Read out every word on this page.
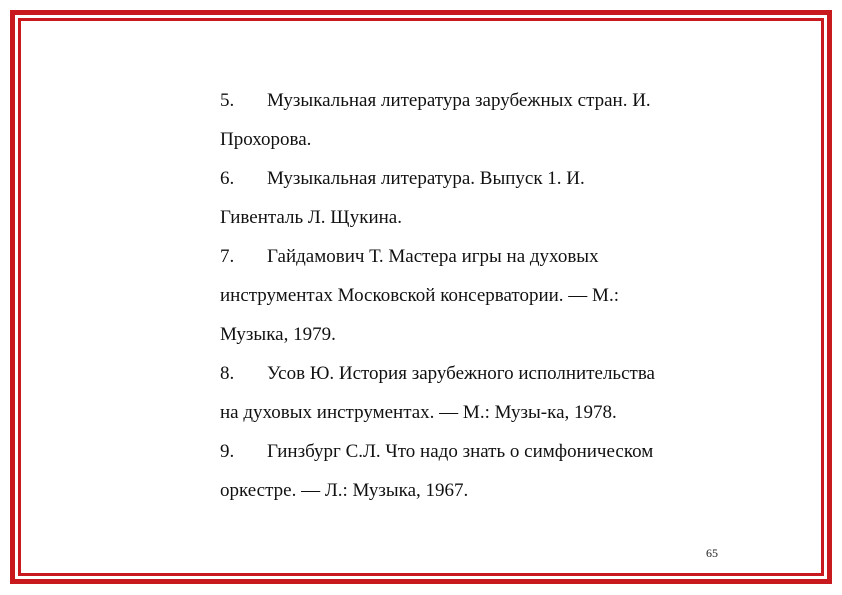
5. Музыкальная литература зарубежных стран. И.
Прохорова.

6. Музыкальная литература. Выпуск 1. И.
Гивенталь Л. Щукина.

7. Гайдамович Т. Мастера игры на духовых
инструментах Московской консерватории. — М.:
Музыка, 1979.

8. Усов Ю. История зарубежного исполнительства
на духовых инструментах. — М.: Музы-ка, 1978.

9. Гинзбург С.Л. Что надо знать о симфоническом
оркестре. — Л.: Музыка, 1967.

65
